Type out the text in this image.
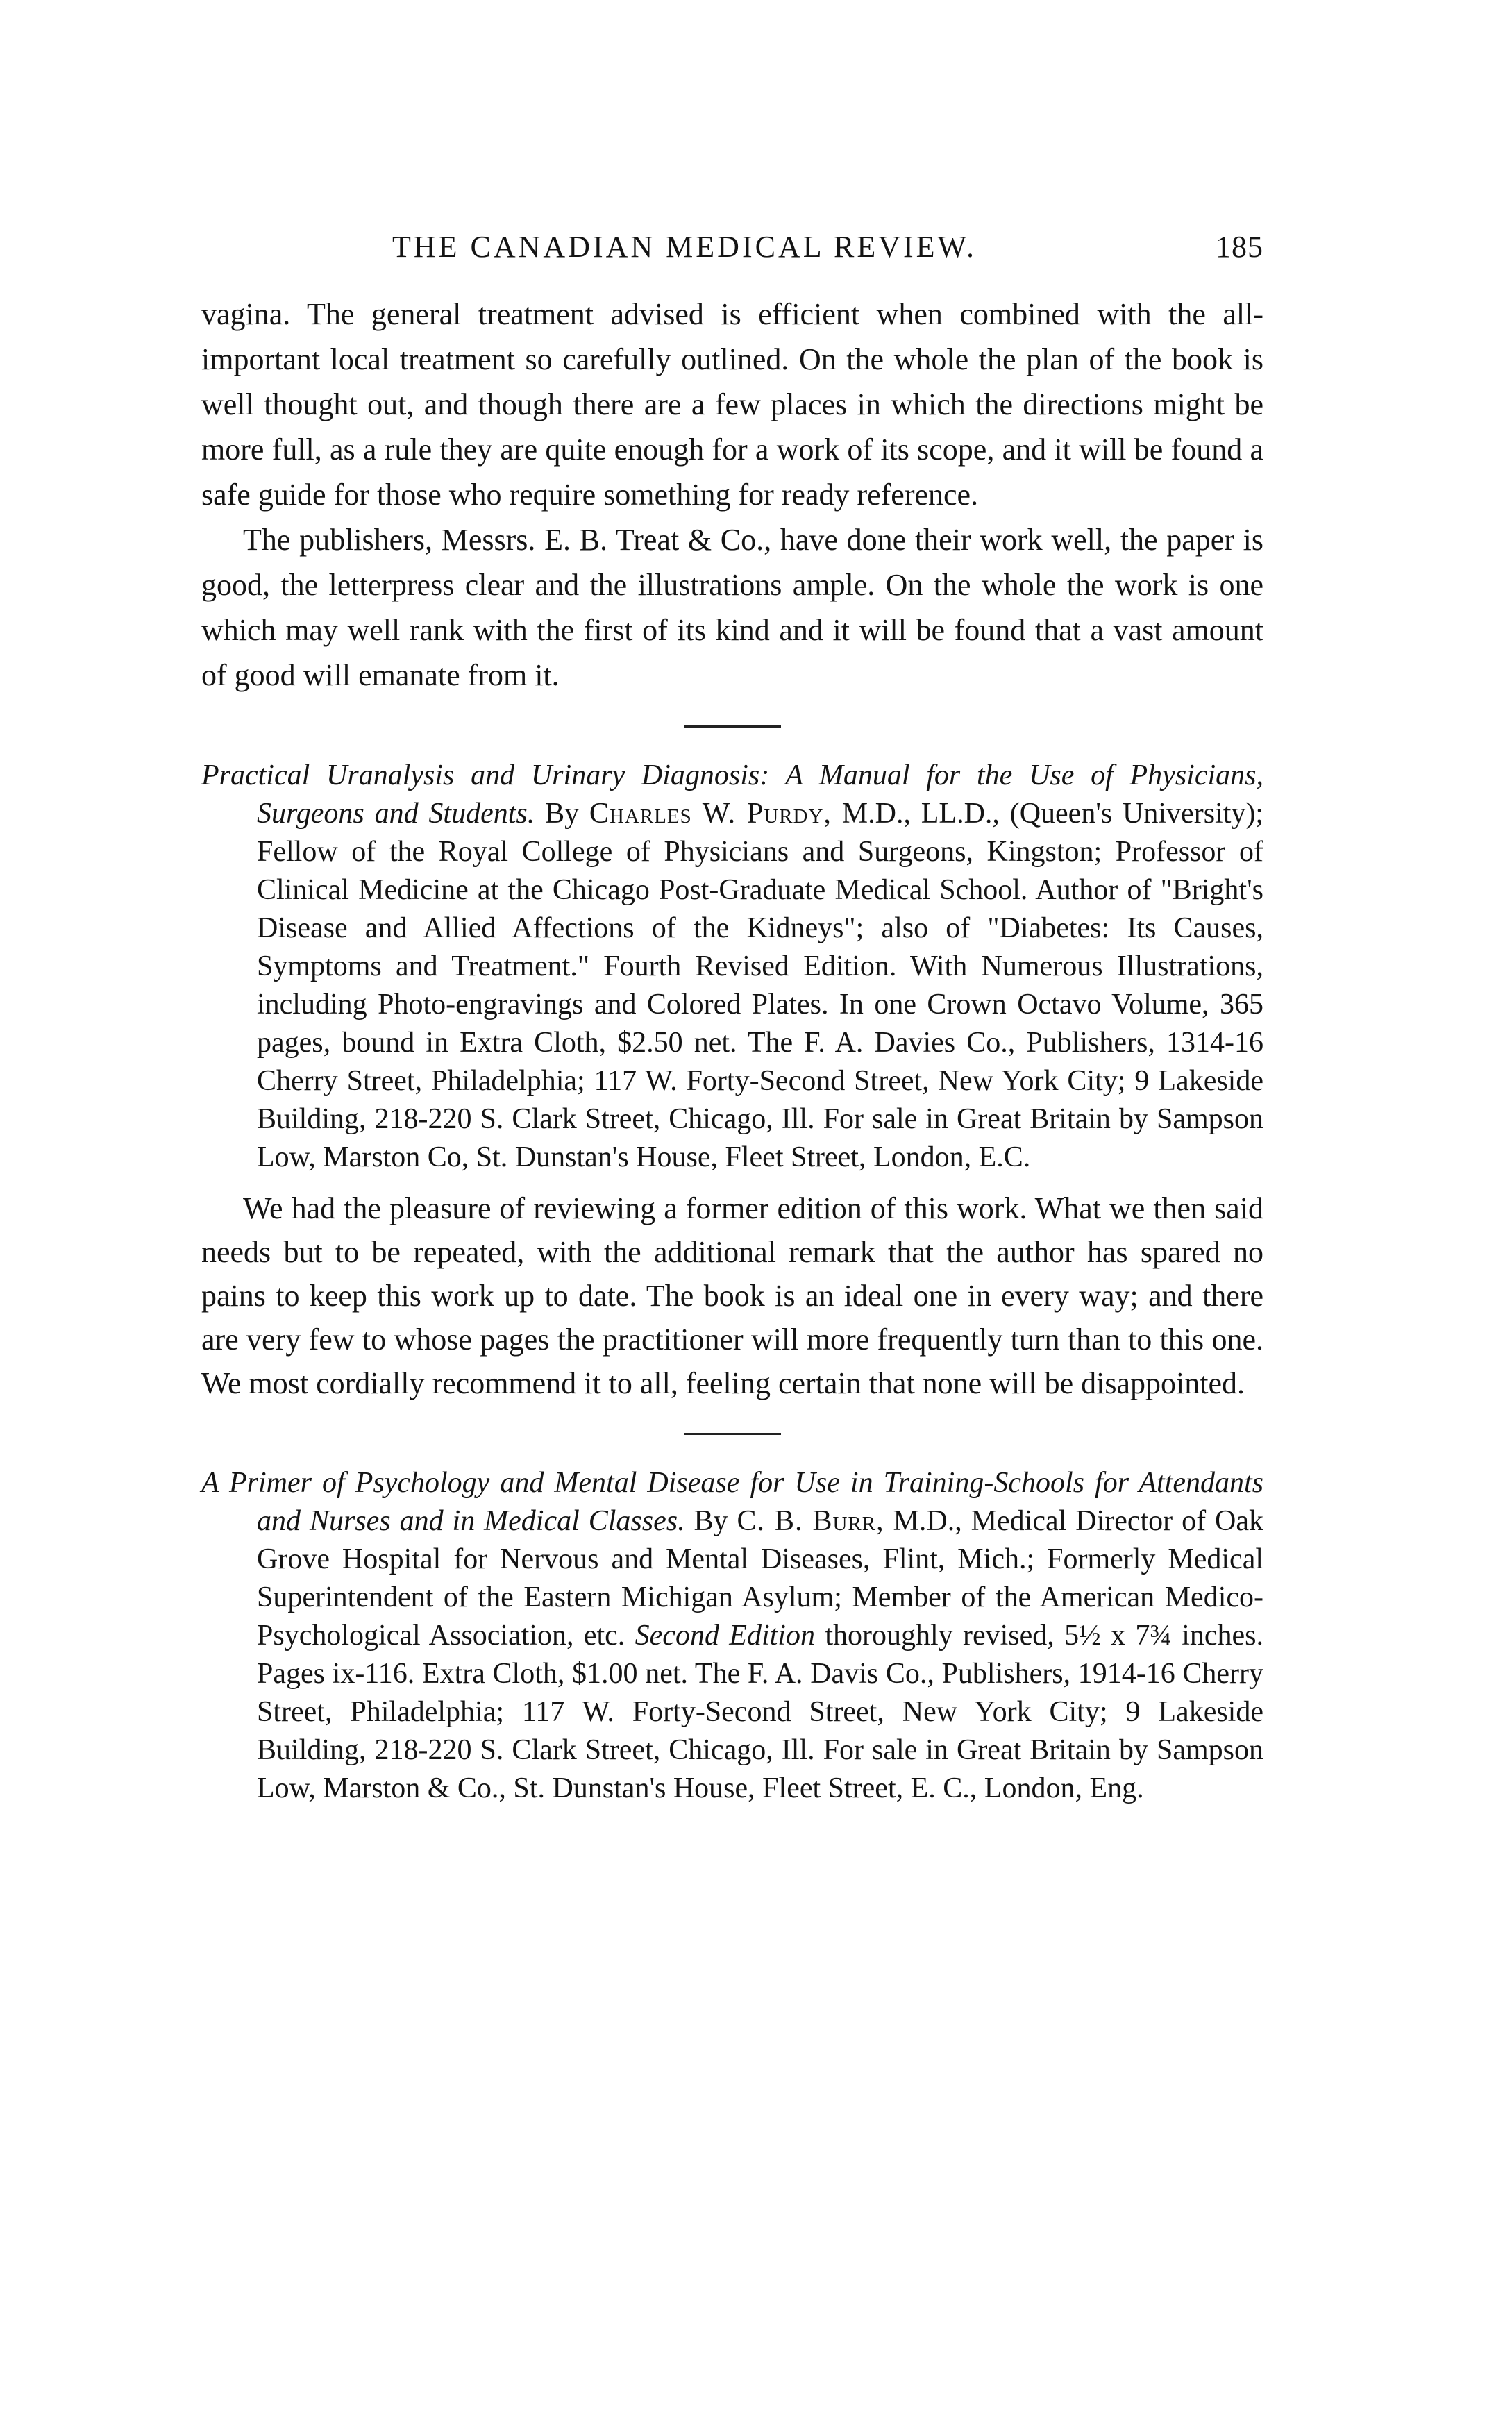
THE CANADIAN MEDICAL REVIEW.	185

vagina. The general treatment advised is efficient when combined with the all-important local treatment so carefully outlined. On the whole the plan of the book is well thought out, and though there are a few places in which the directions might be more full, as a rule they are quite enough for a work of its scope, and it will be found a safe guide for those who require something for ready reference.

The publishers, Messrs. E. B. Treat & Co., have done their work well, the paper is good, the letterpress clear and the illustrations ample. On the whole the work is one which may well rank with the first of its kind and it will be found that a vast amount of good will emanate from it.

Practical Uranalysis and Urinary Diagnosis: A Manual for the Use of Physicians, Surgeons and Students. By Charles W. Purdy, M.D., LL.D., (Queen's University); Fellow of the Royal College of Physicians and Surgeons, Kingston; Professor of Clinical Medicine at the Chicago Post-Graduate Medical School. Author of "Bright's Disease and Allied Affections of the Kidneys"; also of "Diabetes: Its Causes, Symptoms and Treatment." Fourth Revised Edition. With Numerous Illustrations, including Photo-engravings and Colored Plates. In one Crown Octavo Volume, 365 pages, bound in Extra Cloth, $2.50 net. The F. A. Davies Co., Publishers, 1314-16 Cherry Street, Philadelphia; 117 W. Forty-Second Street, New York City; 9 Lakeside Building, 218-220 S. Clark Street, Chicago, Ill. For sale in Great Britain by Sampson Low, Marston Co, St. Dunstan's House, Fleet Street, London, E.C.

We had the pleasure of reviewing a former edition of this work. What we then said needs but to be repeated, with the additional remark that the author has spared no pains to keep this work up to date. The book is an ideal one in every way; and there are very few to whose pages the practitioner will more frequently turn than to this one. We most cordially recommend it to all, feeling certain that none will be disappointed.

A Primer of Psychology and Mental Disease for Use in Training-Schools for Attendants and Nurses and in Medical Classes. By C. B. Burr, M.D., Medical Director of Oak Grove Hospital for Nervous and Mental Diseases, Flint, Mich.; Formerly Medical Superintendent of the Eastern Michigan Asylum; Member of the American Medico-Psychological Association, etc. Second Edition thoroughly revised, 5½ x 7¾ inches. Pages ix-116. Extra Cloth, $1.00 net. The F. A. Davis Co., Publishers, 1914-16 Cherry Street, Philadelphia; 117 W. Forty-Second Street, New York City; 9 Lakeside Building, 218-220 S. Clark Street, Chicago, Ill. For sale in Great Britain by Sampson Low, Marston & Co., St. Dunstan's House, Fleet Street, E. C., London, Eng.
